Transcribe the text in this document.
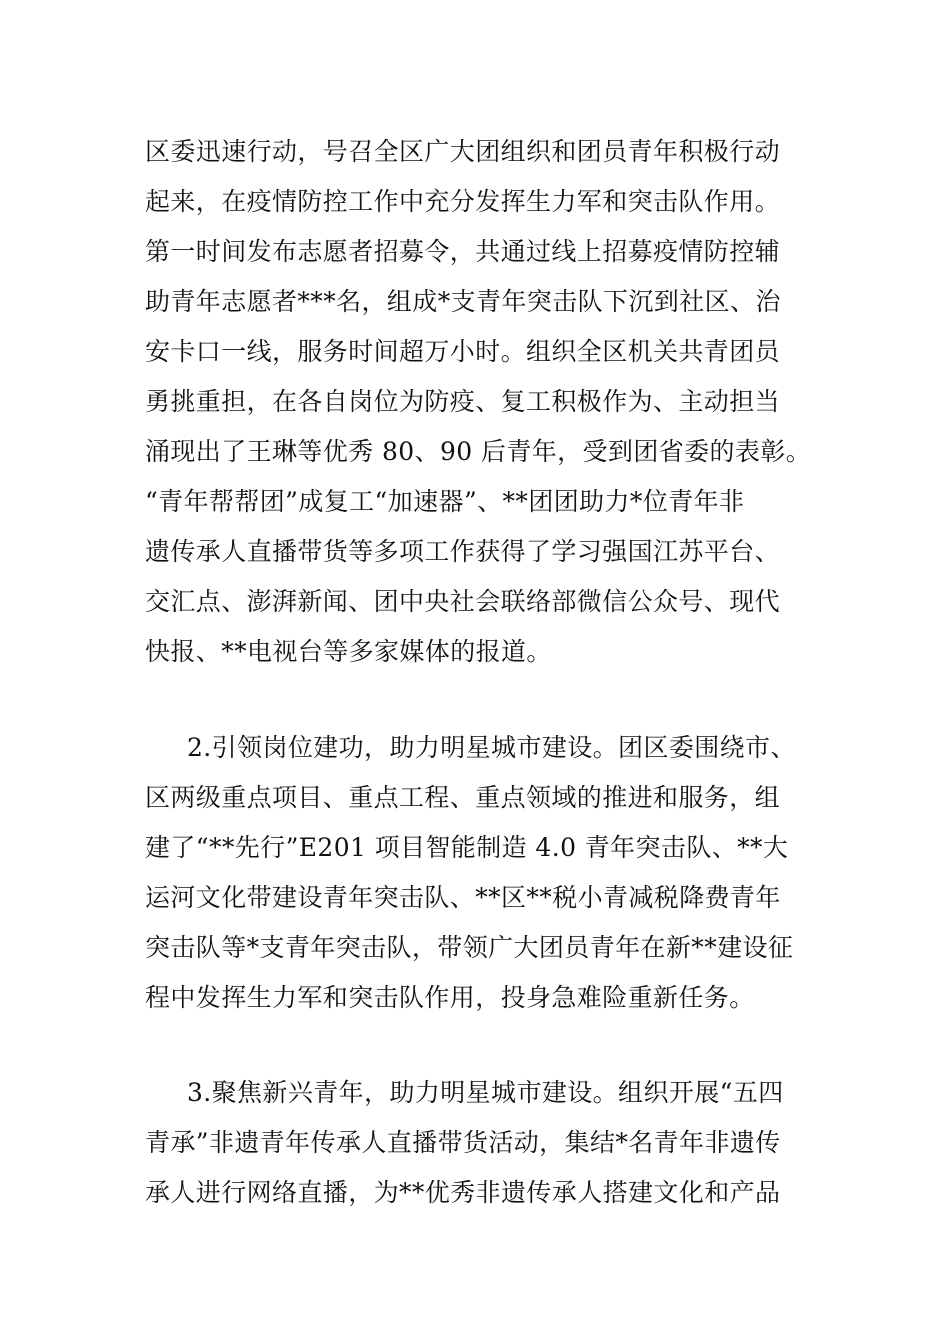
区委迅速行动，号召全区广大团组织和团员青年积极行动
起来，在疫情防控工作中充分发挥生力军和突击队作用。
第一时间发布志愿者招募令，共通过线上招募疫情防控辅
助青年志愿者***名，组成*支青年突击队下沉到社区、治
安卡口一线，服务时间超万小时。组织全区机关共青团员
勇挑重担，在各自岗位为防疫、复工积极作为、主动担当
涌现出了王琳等优秀 80、90 后青年，受到团省委的表彰。
“青年帮帮团”成复工“加速器”、**团团助力*位青年非
遗传承人直播带货等多项工作获得了学习强国江苏平台、
交汇点、澎湃新闻、团中央社会联络部微信公众号、现代
快报、**电视台等多家媒体的报道。
2.引领岗位建功，助力明星城市建设。团区委围绕市、
区两级重点项目、重点工程、重点领域的推进和服务，组
建了“**先行”E201 项目智能制造 4.0 青年突击队、**大
运河文化带建设青年突击队、**区**税小青减税降费青年
突击队等*支青年突击队，带领广大团员青年在新**建设征
程中发挥生力军和突击队作用，投身急难险重新任务。
3.聚焦新兴青年，助力明星城市建设。组织开展“五四
青承”非遗青年传承人直播带货活动，集结*名青年非遗传
承人进行网络直播，为**优秀非遗传承人搭建文化和产品
